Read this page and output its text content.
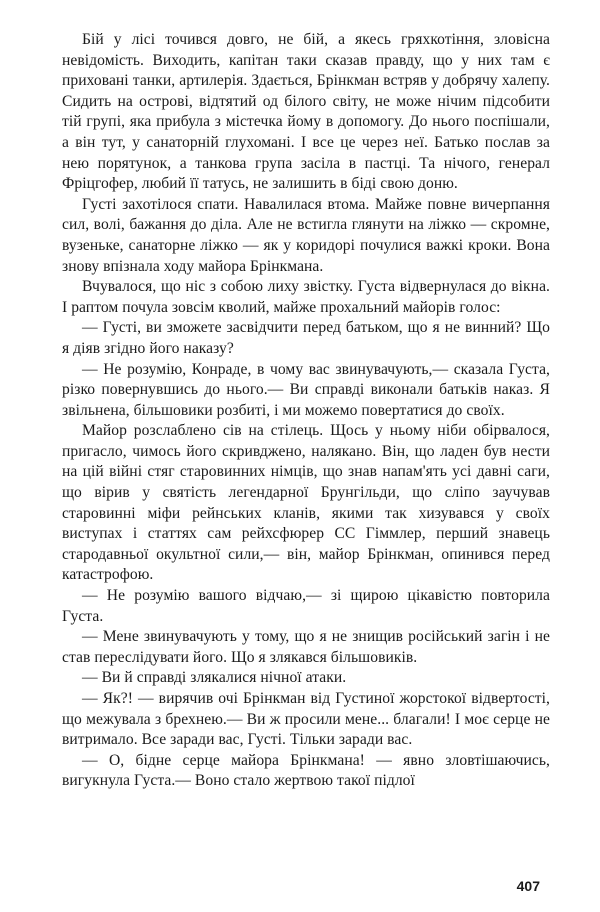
Бій у лісі точився довго, не бій, а якесь гряхкотіння, зловісна невідомість. Виходить, капітан таки сказав правду, що у них там є приховані танки, артилерія. Здається, Брінкман встряв у добрячу халепу. Сидить на острові, відтятий од білого світу, не може нічим підсобити тій групі, яка прибула з містечка йому в допомогу. До нього поспішали, а він тут, у санаторній глухомані. І все це через неї. Батько послав за нею порятунок, а танкова група засіла в пастці. Та нічого, генерал Фріцгофер, любий її татусь, не залишить в біді свою доню.

Густі захотілося спати. Навалилася втома. Майже повне вичерпання сил, волі, бажання до діла. Але не встигла глянути на ліжко — скромне, вузеньке, санаторне ліжко — як у коридорі почулися важкі кроки. Вона знову впізнала ходу майора Брінкмана.

Вчувалося, що ніс з собою лиху звістку. Густа відвернулася до вікна. І раптом почула зовсім кволий, майже прохальний майорів голос:

— Густі, ви зможете засвідчити перед батьком, що я не винний? Що я діяв згідно його наказу?

— Не розумію, Конраде, в чому вас звинувачують,— сказала Густа, різко повернувшись до нього.— Ви справді виконали батьків наказ. Я звільнена, більшовики розбиті, і ми можемо повертатися до своїх.

Майор розслаблено сів на стілець. Щось у ньому ніби обірвалося, пригасло, чимось його скривджено, налякано. Він, що ладен був нести на цій війні стяг старовинних німців, що знав напам'ять усі давні саги, що вірив у святість легендарної Брунгільди, що сліпо заучував старовинні міфи рейнських кланів, якими так хизувався у своїх виступах і статтях сам рейхсфюрер СС Гіммлер, перший знавець стародавньої окультної сили,— він, майор Брінкман, опинився перед катастрофою.

— Не розумію вашого відчаю,— зі щирою цікавістю повторила Густа.

— Мене звинувачують у тому, що я не знищив російський загін і не став переслідувати його. Що я злякався більшовиків.

— Ви й справді злякалися нічної атаки.

— Як?! — вирячив очі Брінкман від Густиної жорстокої відвертості, що межувала з брехнею.— Ви ж просили мене... благали! І моє серце не витримало. Все заради вас, Густі. Тільки заради вас.

— О, бідне серце майора Брінкмана! — явно зловтішаючись, вигукнула Густа.— Воно стало жертвою такої підлої

407
